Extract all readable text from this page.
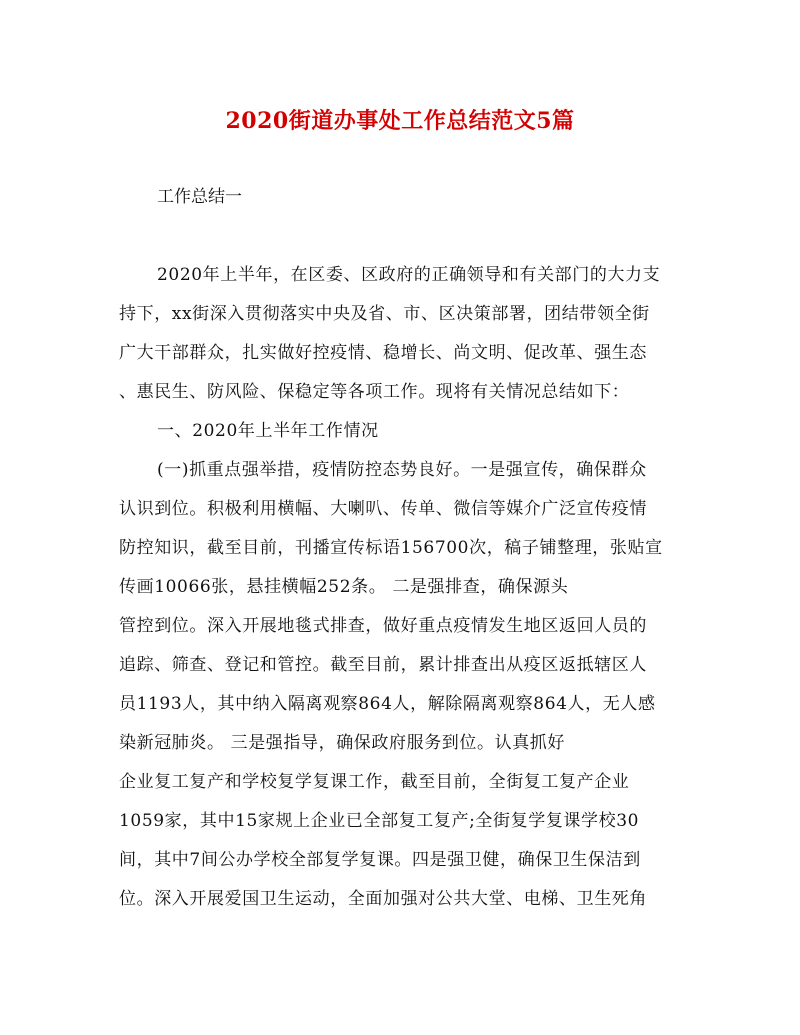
2020街道办事处工作总结范文5篇
工作总结一
2020年上半年，在区委、区政府的正确领导和有关部门的大力支
持下，xx街深入贯彻落实中央及省、市、区决策部署，团结带领全街
广大干部群众，扎实做好控疫情、稳增长、尚文明、促改革、强生态
、惠民生、防风险、保稳定等各项工作。现将有关情况总结如下：
一、2020年上半年工作情况
(一)抓重点强举措，疫情防控态势良好。一是强宣传，确保群众
认识到位。积极利用横幅、大喇叭、传单、微信等媒介广泛宣传疫情
防控知识，截至目前，刊播宣传标语156700次，稿子铺整理，张贴宣
传画10066张，悬挂横幅252条。 二是强排查，确保源头
管控到位。深入开展地毯式排查，做好重点疫情发生地区返回人员的
追踪、筛查、登记和管控。截至目前，累计排查出从疫区返抵辖区人
员1193人，其中纳入隔离观察864人，解除隔离观察864人，无人感
染新冠肺炎。 三是强指导，确保政府服务到位。认真抓好
企业复工复产和学校复学复课工作，截至目前，全街复工复产企业
1059家，其中15家规上企业已全部复工复产;全街复学复课学校30
间，其中7间公办学校全部复学复课。四是强卫健，确保卫生保洁到
位。深入开展爱国卫生运动，全面加强对公共大堂、电梯、卫生死角
